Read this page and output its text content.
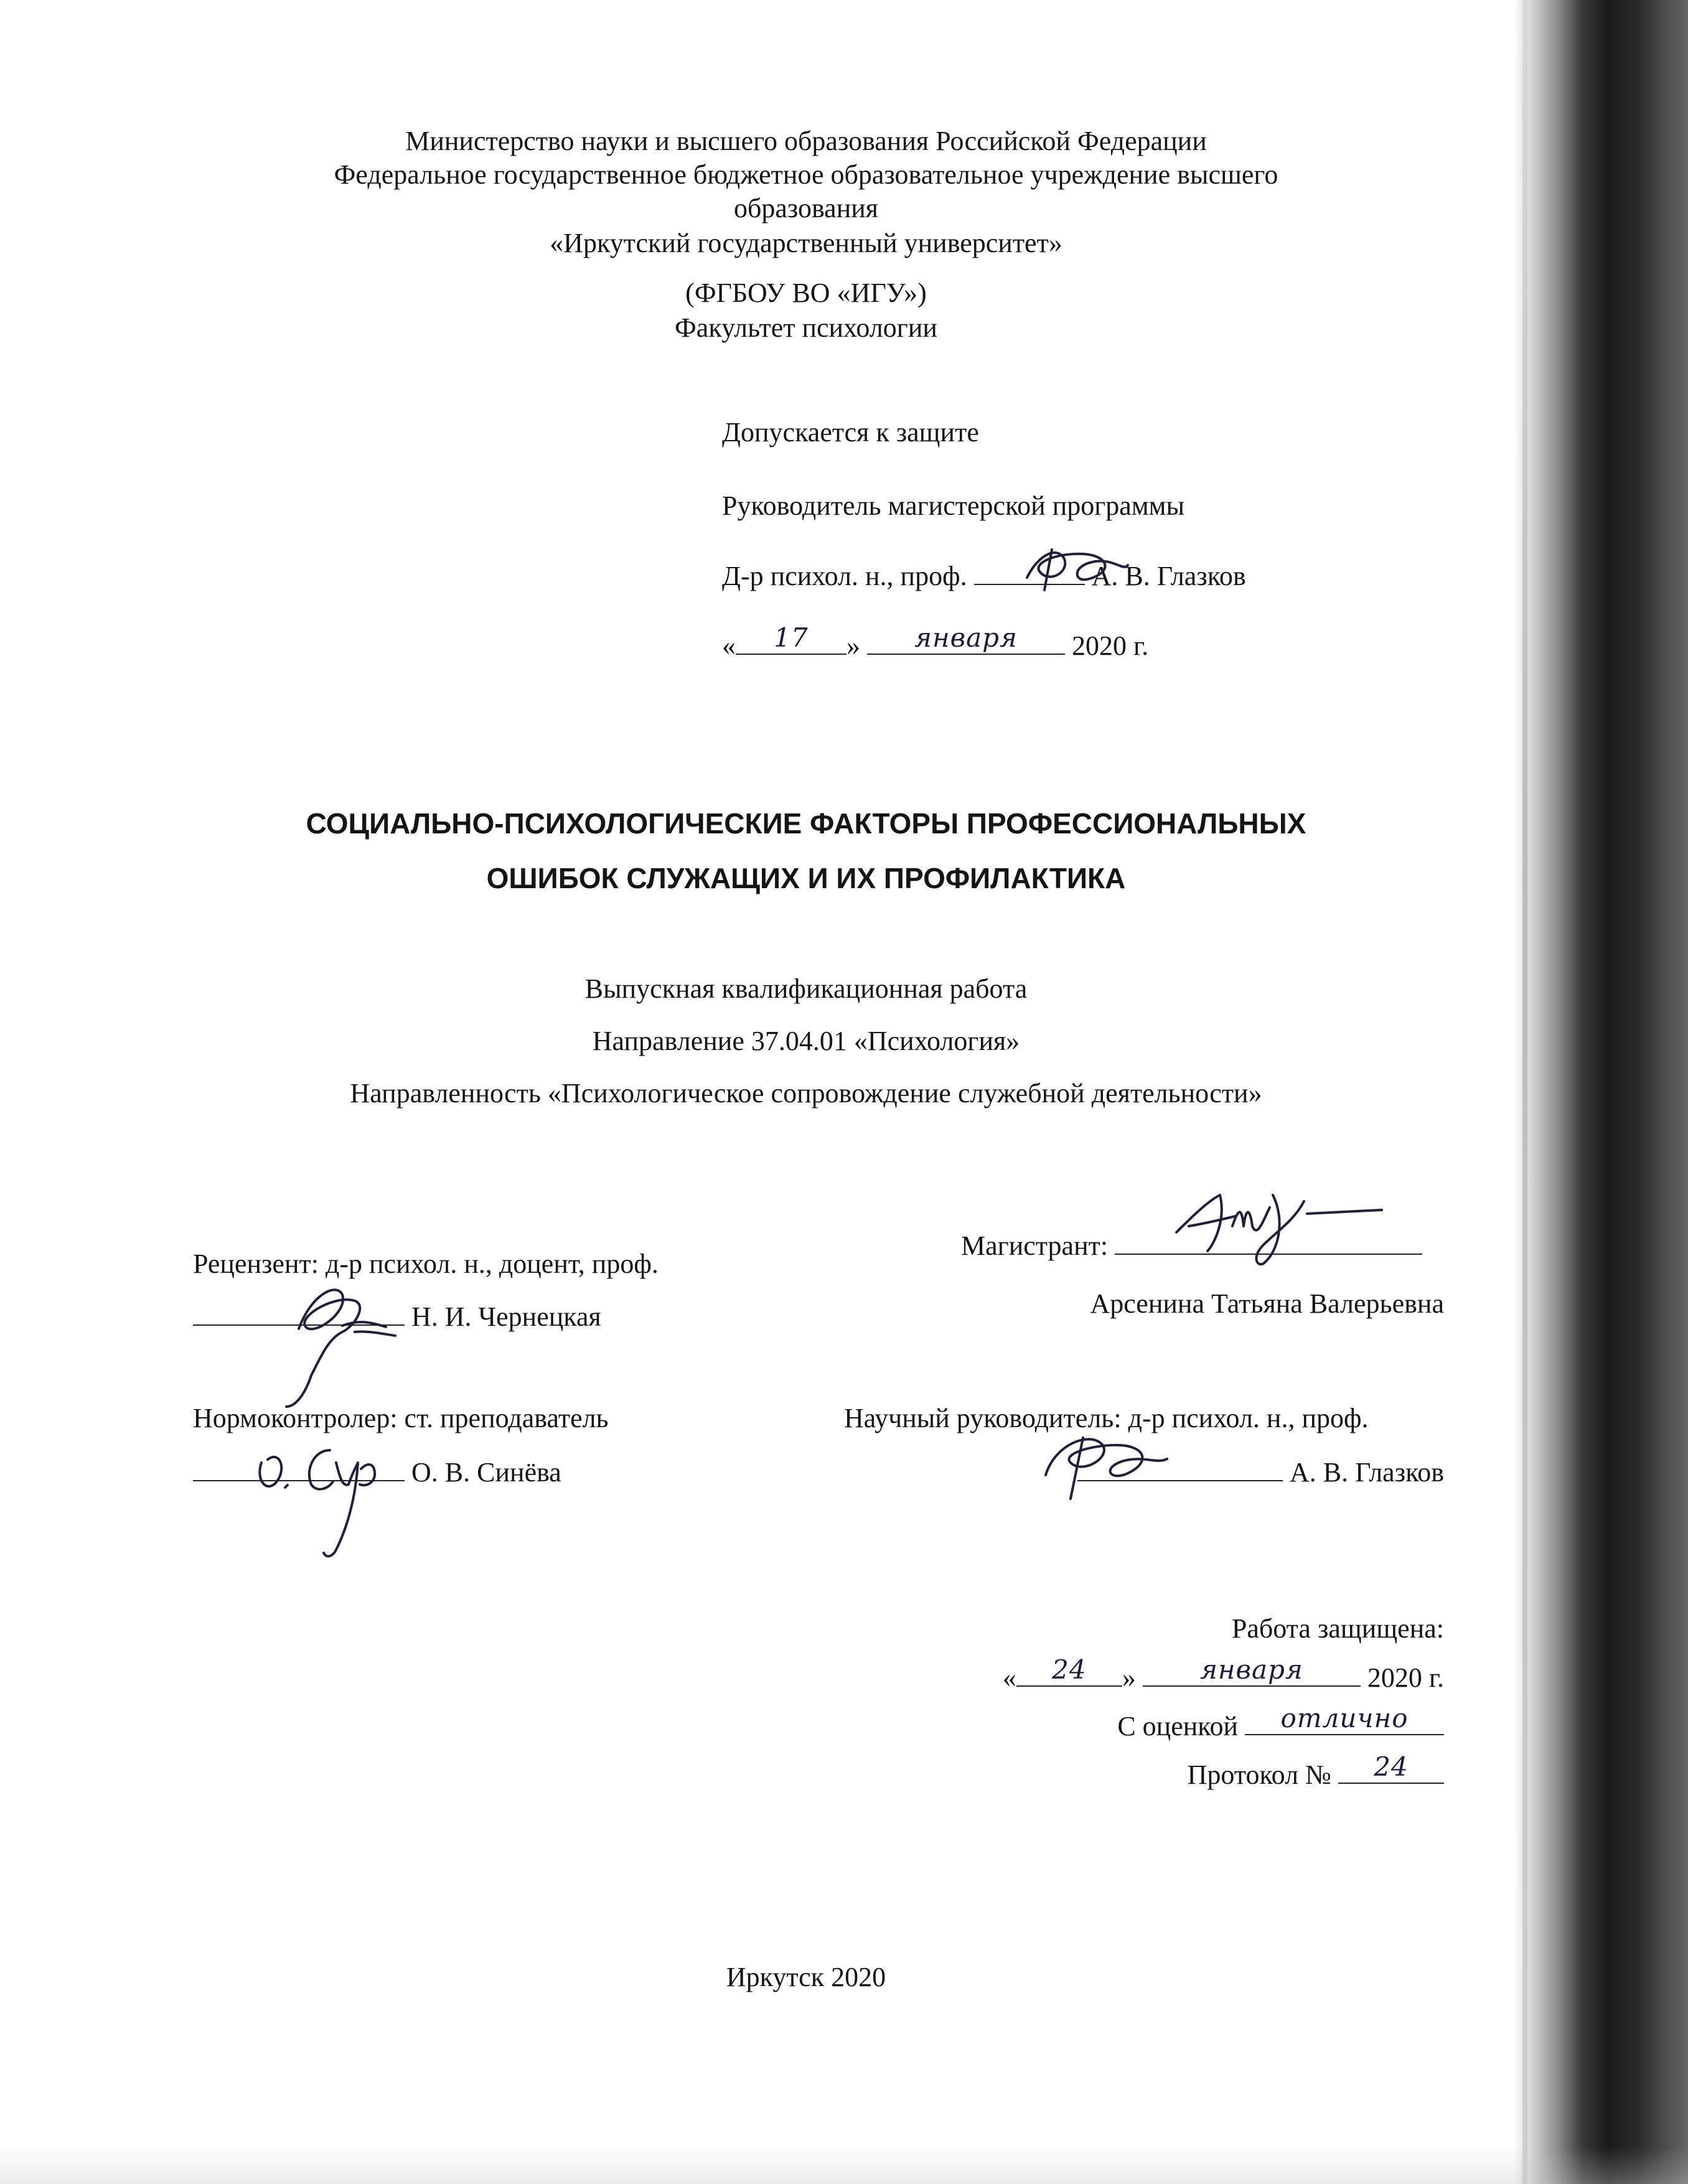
Министерство науки и высшего образования Российской Федерации
Федеральное государственное бюджетное образовательное учреждение высшего
образования
«Иркутский государственный университет»
(ФГБОУ ВО «ИГУ»)
Факультет психологии
Допускается к защите
Руководитель магистерской программы
Д-р психол. н., проф.	А. В. Глазков
«	17	»	января	2020 г.
СОЦИАЛЬНО-ПСИХОЛОГИЧЕСКИЕ ФАКТОРЫ ПРОФЕССИОНАЛЬНЫХ
ОШИБОК СЛУЖАЩИХ И ИХ ПРОФИЛАКТИКА
Выпускная квалификационная работа
Направление 37.04.01 «Психология»
Направленность «Психологическое сопровождение служебной деятельности»
Рецензент: д-р психол. н., доцент, проф.
Н. И. Чернецкая
Магистрант:
Арсенина Татьяна Валерьевна
Нормоконтролер: ст. преподаватель
О. В. Синёва
Научный руководитель: д-р психол. н., проф.
А. В. Глазков
Работа защищена:
«	24	»	января	2020 г.
С оценкой	отлично
Протокол №	24
Иркутск 2020
